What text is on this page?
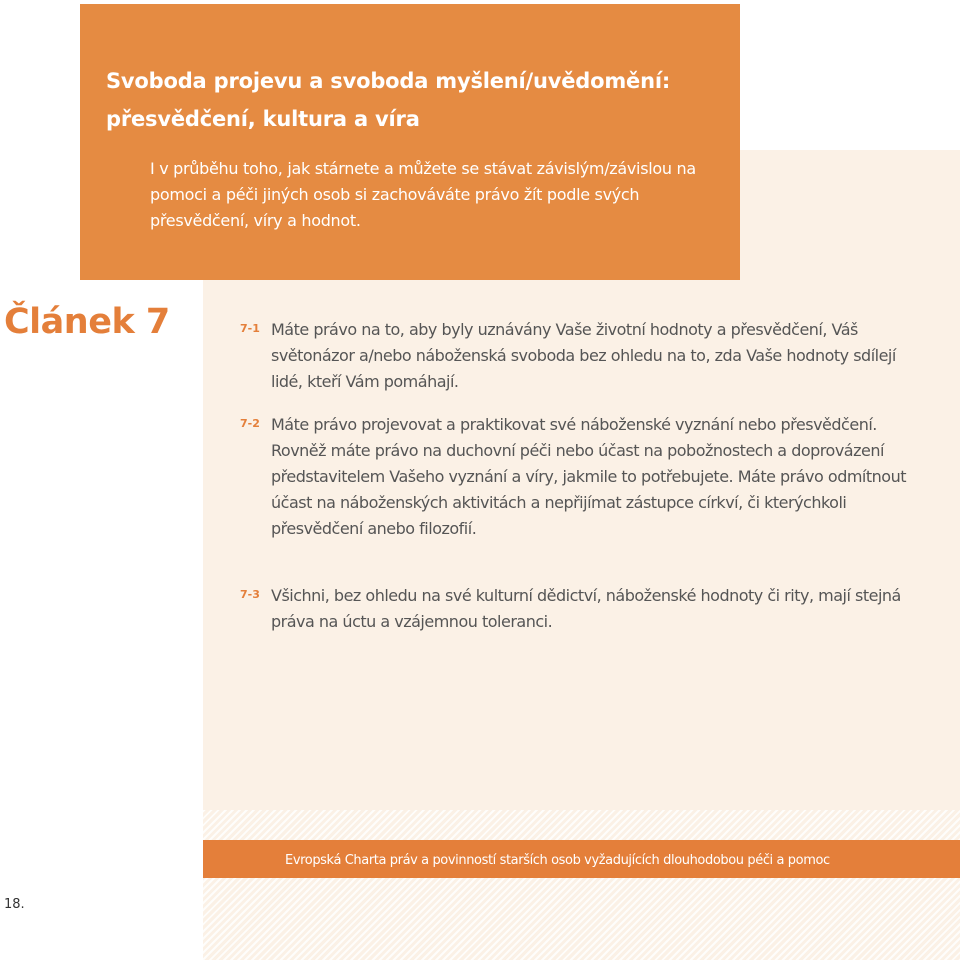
Svoboda projevu a svoboda myšlení/uvědomění: přesvědčení, kultura a víra

I v průběhu toho, jak stárnete a můžete se stávat závislým/závislou na pomoci a péči jiných osob si zachováváte právo žít podle svých přesvědčení, víry a hodnot.

Článek 7	7-1 Máte právo na to, aby byly uznávány Vaše životní hodnoty a přesvědčení, Váš světonázor a/nebo náboženská svoboda bez ohledu na to, zda Vaše hodnoty sdílejí lidé, kteří Vám pomáhají.

7-2 Máte právo projevovat a praktikovat své náboženské vyznání nebo přesvědčení. Rovněž máte právo na duchovní péči nebo účast na pobožnostech a doprovázení představitelem Vašeho vyznání a víry, jakmile to potřebujete. Máte právo odmítnout účast na náboženských aktivitách a nepřijímat zástupce církví, či kterýchkoli přesvědčení anebo filozofií.

7-3 Všichni, bez ohledu na své kulturní dědictví, náboženské hodnoty či rity, mají stejná práva na úctu a vzájemnou toleranci.

Evropská Charta práv a povinností starších osob vyžadujících dlouhodobou péči a pomoc
18.
